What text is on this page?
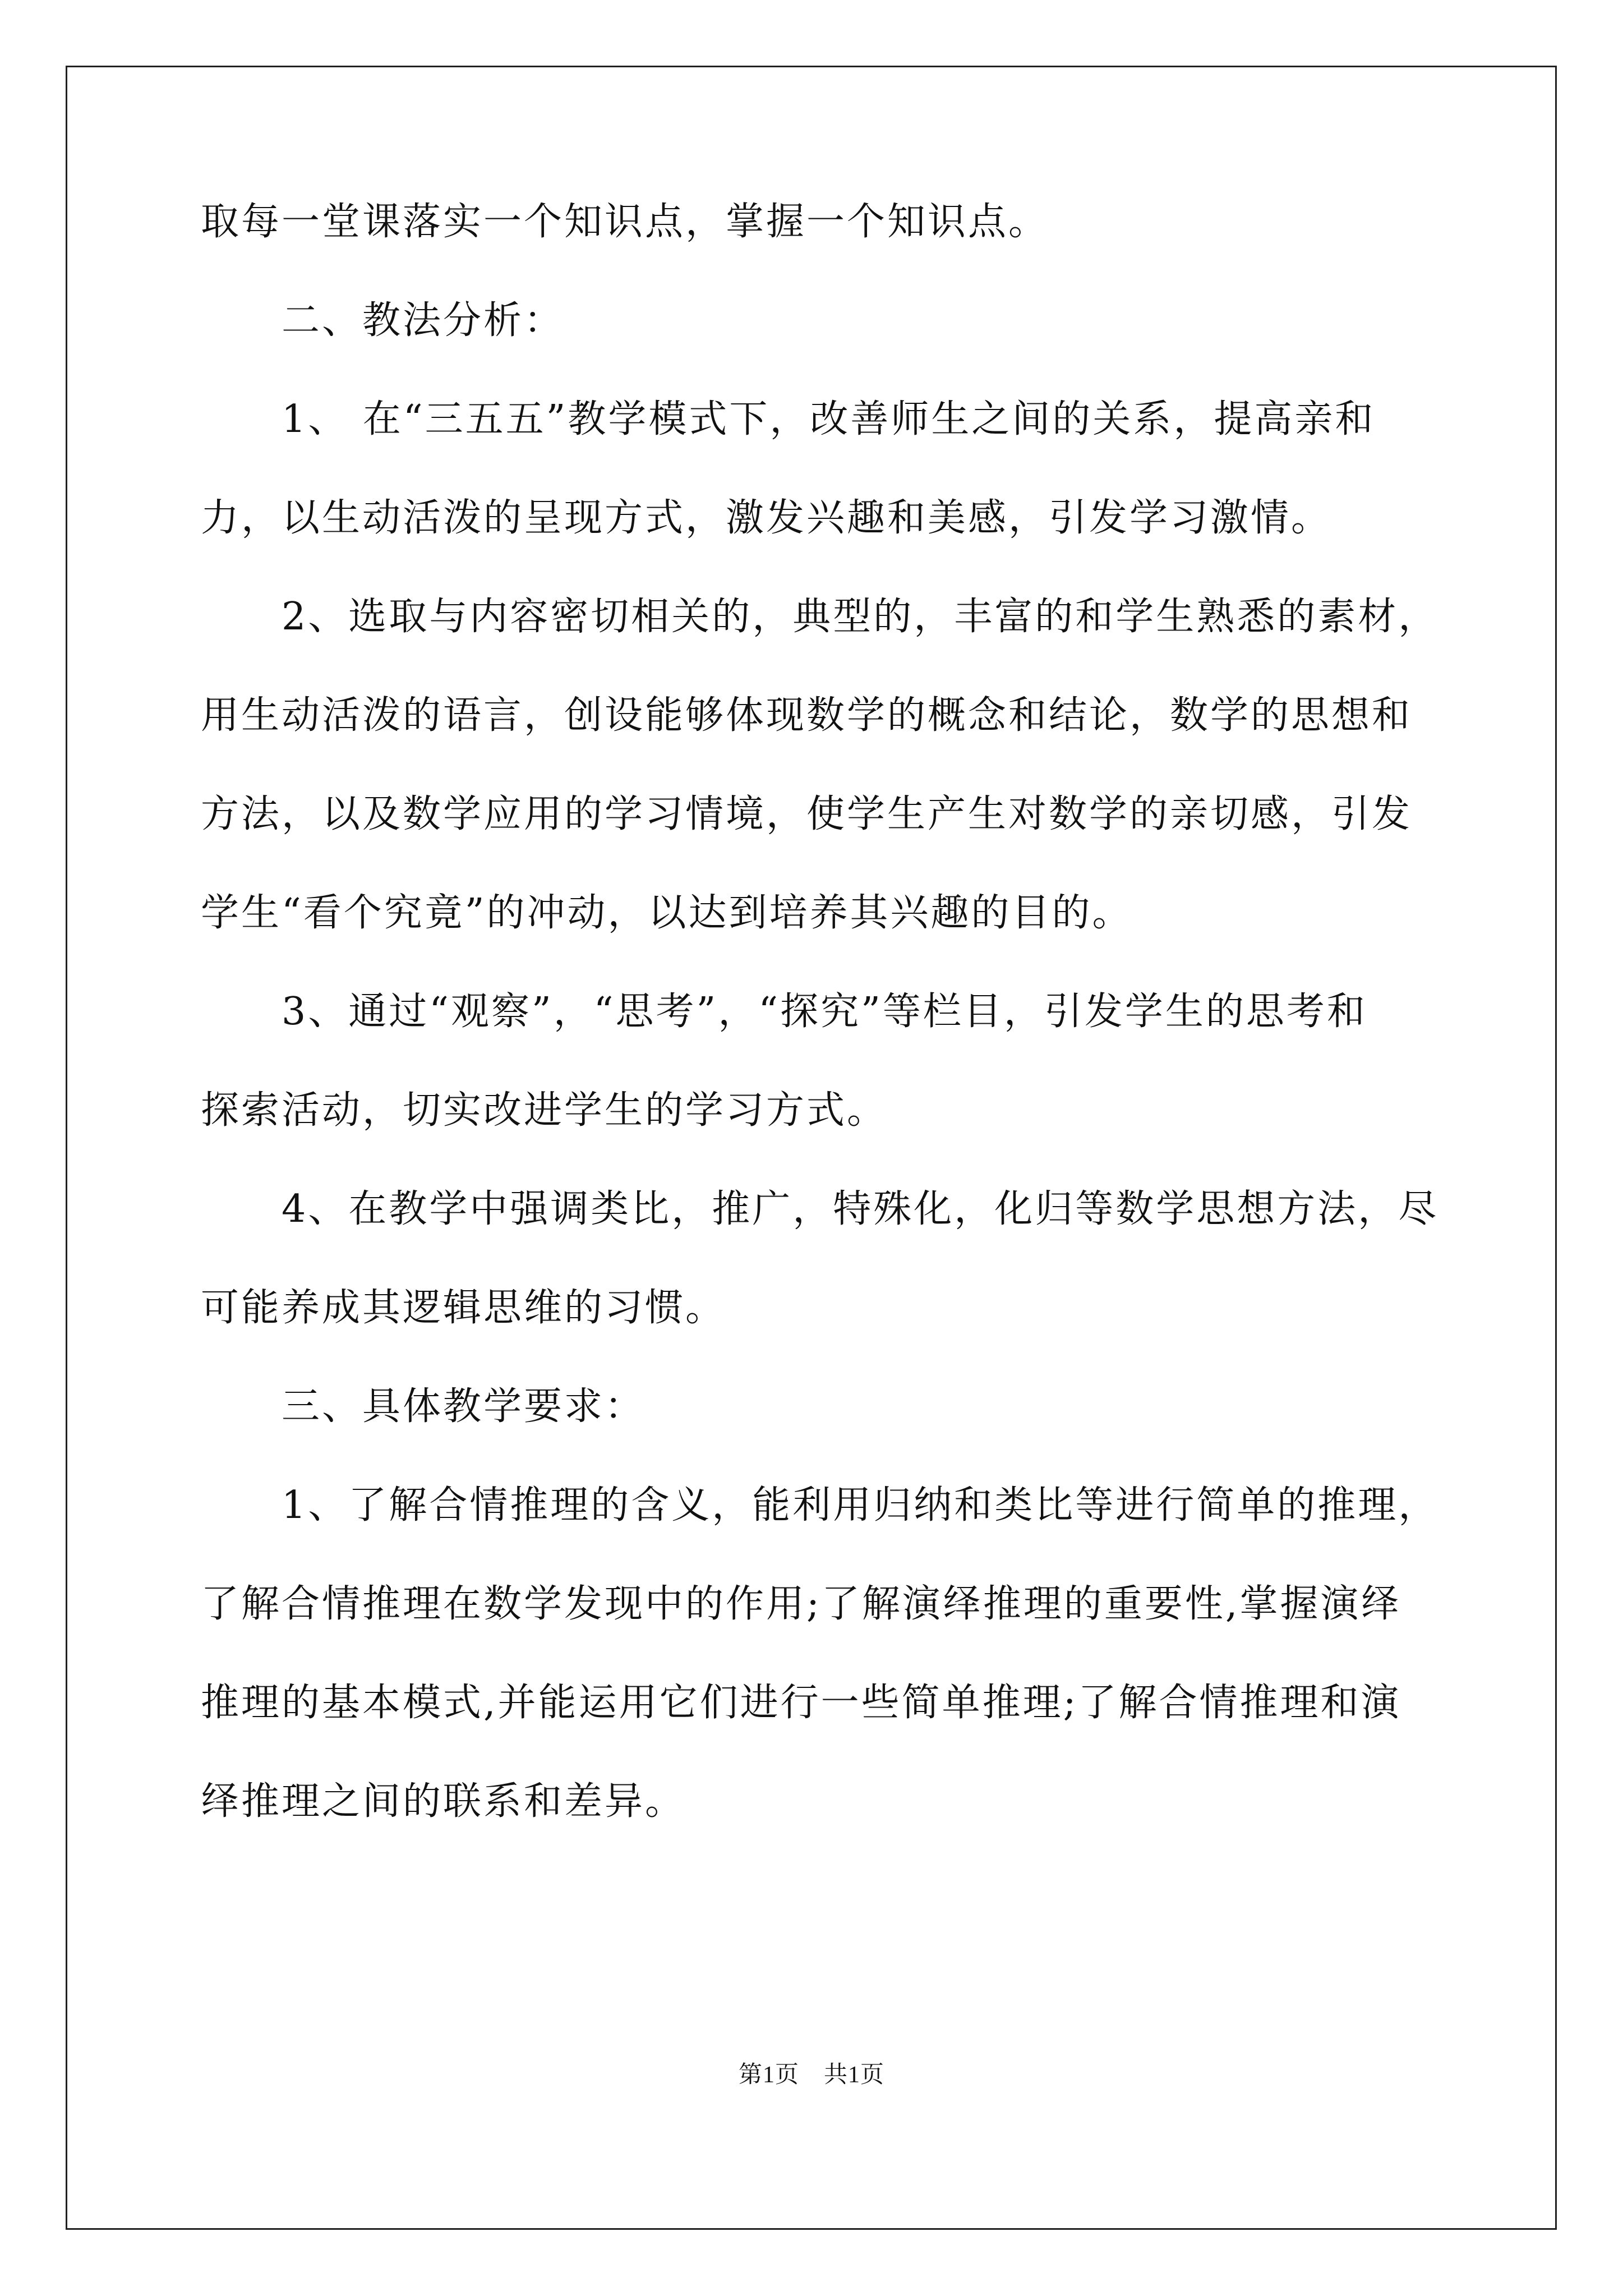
取每一堂课落实一个知识点，掌握一个知识点。
二、教法分析：
1、 在“三五五”教学模式下，改善师生之间的关系，提高亲和
力，以生动活泼的呈现方式，激发兴趣和美感，引发学习激情。
2、选取与内容密切相关的，典型的，丰富的和学生熟悉的素材，
用生动活泼的语言，创设能够体现数学的概念和结论，数学的思想和
方法，以及数学应用的学习情境，使学生产生对数学的亲切感，引发
学生“看个究竟”的冲动，以达到培养其兴趣的目的。
3、通过“观察”，“思考”，“探究”等栏目，引发学生的思考和
探索活动，切实改进学生的学习方式。
4、在教学中强调类比，推广，特殊化，化归等数学思想方法，尽
可能养成其逻辑思维的习惯。
三、具体教学要求：
1、了解合情推理的含义，能利用归纳和类比等进行简单的推理，
了解合情推理在数学发现中的作用;了解演绎推理的重要性,掌握演绎
推理的基本模式,并能运用它们进行一些简单推理;了解合情推理和演
绎推理之间的联系和差异。
第1页 共1页
